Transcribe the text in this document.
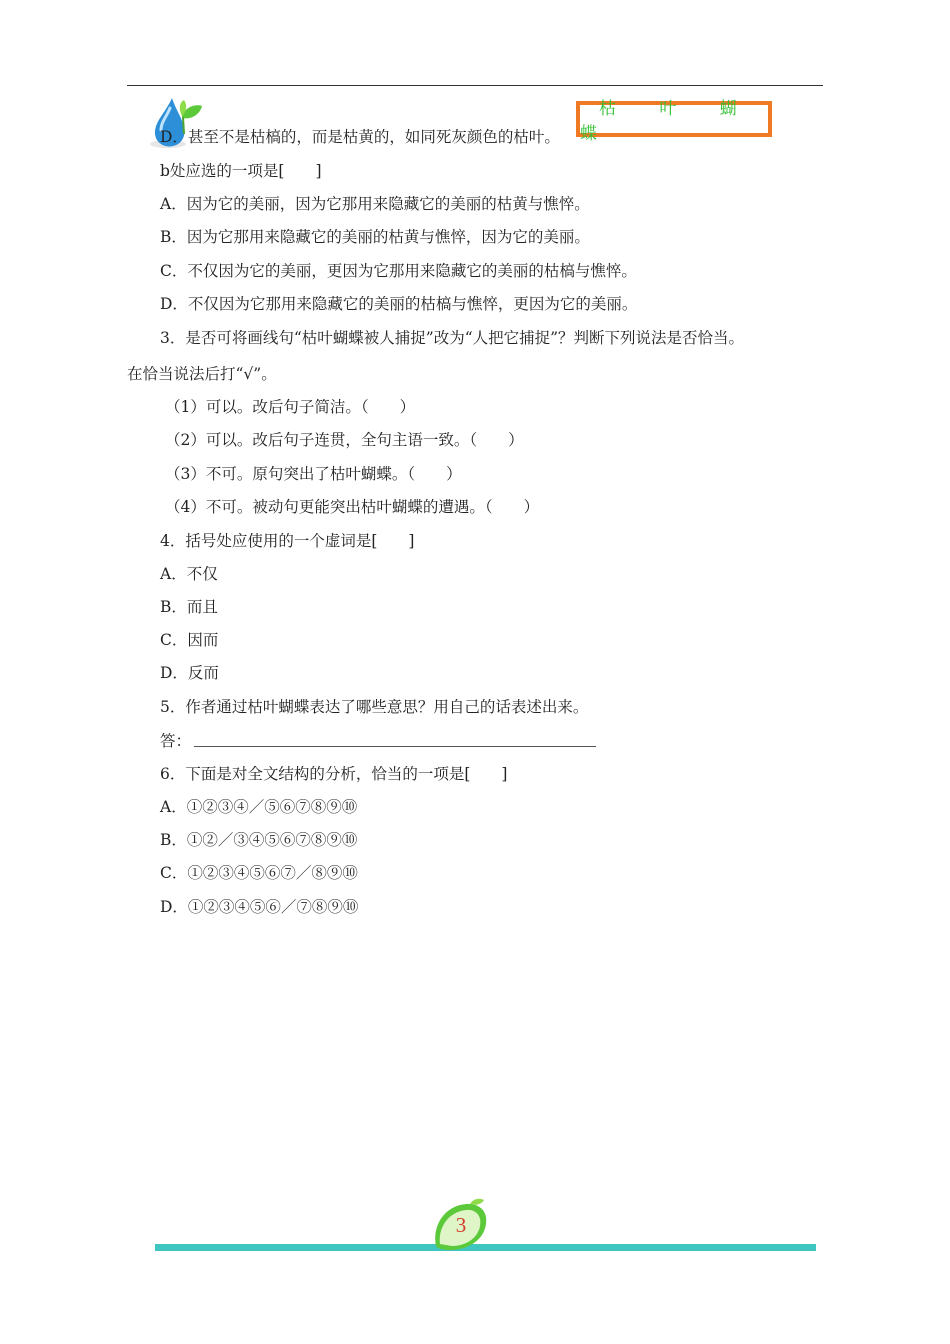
枯 叶 蝴 蝶
D．甚至不是枯槁的，而是枯黄的，如同死灰颜色的枯叶。
b处应选的一项是[　　]
A．因为它的美丽，因为它那用来隐藏它的美丽的枯黄与憔悴。
B．因为它那用来隐藏它的美丽的枯黄与憔悴，因为它的美丽。
C．不仅因为它的美丽，更因为它那用来隐藏它的美丽的枯槁与憔悴。
D．不仅因为它那用来隐藏它的美丽的枯槁与憔悴，更因为它的美丽。
3．是否可将画线句“枯叶蝴蝶被人捕捉”改为“人把它捕捉”？判断下列说法是否恰当。
在恰当说法后打“√”。
（1）可以。改后句子简洁。（　　）
（2）可以。改后句子连贯，全句主语一致。（　　）
（3）不可。原句突出了枯叶蝴蝶。（　　）
（4）不可。被动句更能突出枯叶蝴蝶的遭遇。（　　）
4．括号处应使用的一个虚词是[　　]
A．不仅
B．而且
C．因而
D．反而
5．作者通过枯叶蝴蝶表达了哪些意思？用自己的话表述出来。
答：
6．下面是对全文结构的分析，恰当的一项是[　　]
A．①②③④／⑤⑥⑦⑧⑨⑩
B．①②／③④⑤⑥⑦⑧⑨⑩
C．①②③④⑤⑥⑦／⑧⑨⑩
D．①②③④⑤⑥／⑦⑧⑨⑩
3
